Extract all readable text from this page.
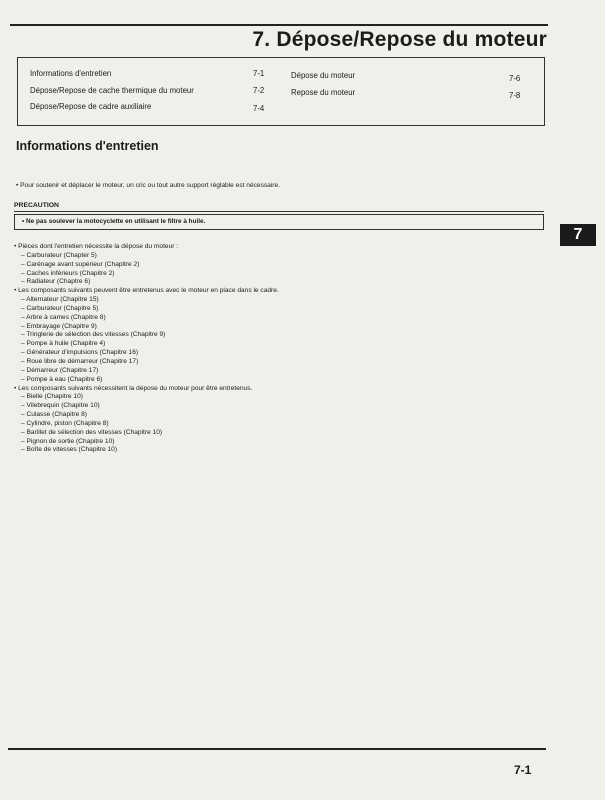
7. Dépose/Repose du moteur
Informations d'entretien	7-1
Dépose/Repose de cache thermique du moteur	7-2
Dépose/Repose de cadre auxiliaire	7-4
Dépose du moteur	7-6
Repose du moteur	7-8
Informations d'entretien
• Pour soutenir et déplacer le moteur, un cric ou tout autre support réglable est nécessaire.
PRECAUTION
• Ne pas soulever la motocyclette en utilisant le filtre à huile.
7
• Pièces dont l'entretien nécessite la dépose du moteur :
– Carburateur (Chapter 5)
– Carénage avant supérieur (Chapitre 2)
– Caches inférieurs (Chapitre 2)
– Radiateur (Chaptre 6)
• Les composants suivants peuvent être entretenus avec le moteur en place dans le cadre.
– Alternateur (Chapitre 15)
– Carburateur (Chapitre 5)
– Arbre à cames (Chapitre 8)
– Embrayage (Chapitre 9)
– Tringlerie de sélection des vitesses (Chapitre 9)
– Pompe à huile (Chapitre 4)
– Générateur d'impulsions (Chapitre 16)
– Roue libre de démarreur (Chapitre 17)
– Démarreur (Chapitre 17)
– Pompe à eau (Chapitre 6)
• Les composants suivants nécessitent la dépose du moteur pour être entretenus.
– Bielle (Chapitre 10)
– Vilebrequin (Chapitre 10)
– Culasse (Chapitre 8)
– Cylindre, piston (Chapitre 8)
– Barillet de sélection des vitesses (Chapitre 10)
– Pignon de sortie (Chapitre 10)
– Boîte de vitesses (Chapitre 10)
7-1
